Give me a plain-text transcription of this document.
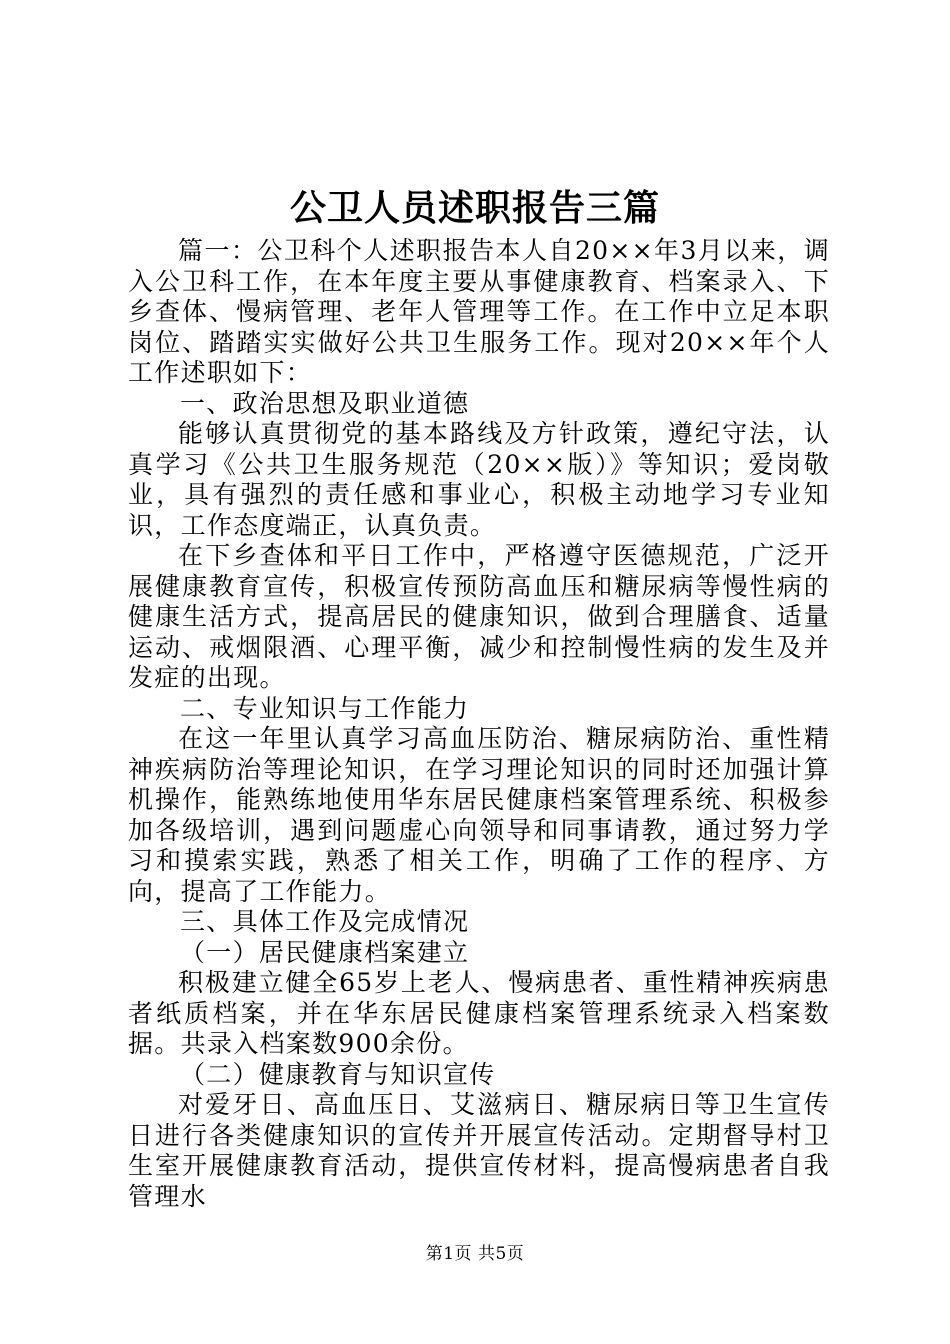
公卫人员述职报告三篇

篇一：公卫科个人述职报告本人自20××年3月以来，调入公卫科工作，在本年度主要从事健康教育、档案录入、下乡查体、慢病管理、老年人管理等工作。在工作中立足本职岗位、踏踏实实做好公共卫生服务工作。现对20××年个人工作述职如下：

一、政治思想及职业道德

能够认真贯彻党的基本路线及方针政策，遵纪守法，认真学习《公共卫生服务规范（20××版）》等知识；爱岗敬业，具有强烈的责任感和事业心，积极主动地学习专业知识，工作态度端正，认真负责。

在下乡查体和平日工作中，严格遵守医德规范，广泛开展健康教育宣传，积极宣传预防高血压和糖尿病等慢性病的健康生活方式，提高居民的健康知识，做到合理膳食、适量运动、戒烟限酒、心理平衡，减少和控制慢性病的发生及并发症的出现。

二、专业知识与工作能力

在这一年里认真学习高血压防治、糖尿病防治、重性精神疾病防治等理论知识，在学习理论知识的同时还加强计算机操作，能熟练地使用华东居民健康档案管理系统、积极参加各级培训，遇到问题虚心向领导和同事请教，通过努力学习和摸索实践，熟悉了相关工作，明确了工作的程序、方向，提高了工作能力。

三、具体工作及完成情况

（一）居民健康档案建立

积极建立健全65岁上老人、慢病患者、重性精神疾病患者纸质档案，并在华东居民健康档案管理系统录入档案数据。共录入档案数900余份。

（二）健康教育与知识宣传

对爱牙日、高血压日、艾滋病日、糖尿病日等卫生宣传日进行各类健康知识的宣传并开展宣传活动。定期督导村卫生室开展健康教育活动，提供宣传材料，提高慢病患者自我管理水

第1页 共5页
